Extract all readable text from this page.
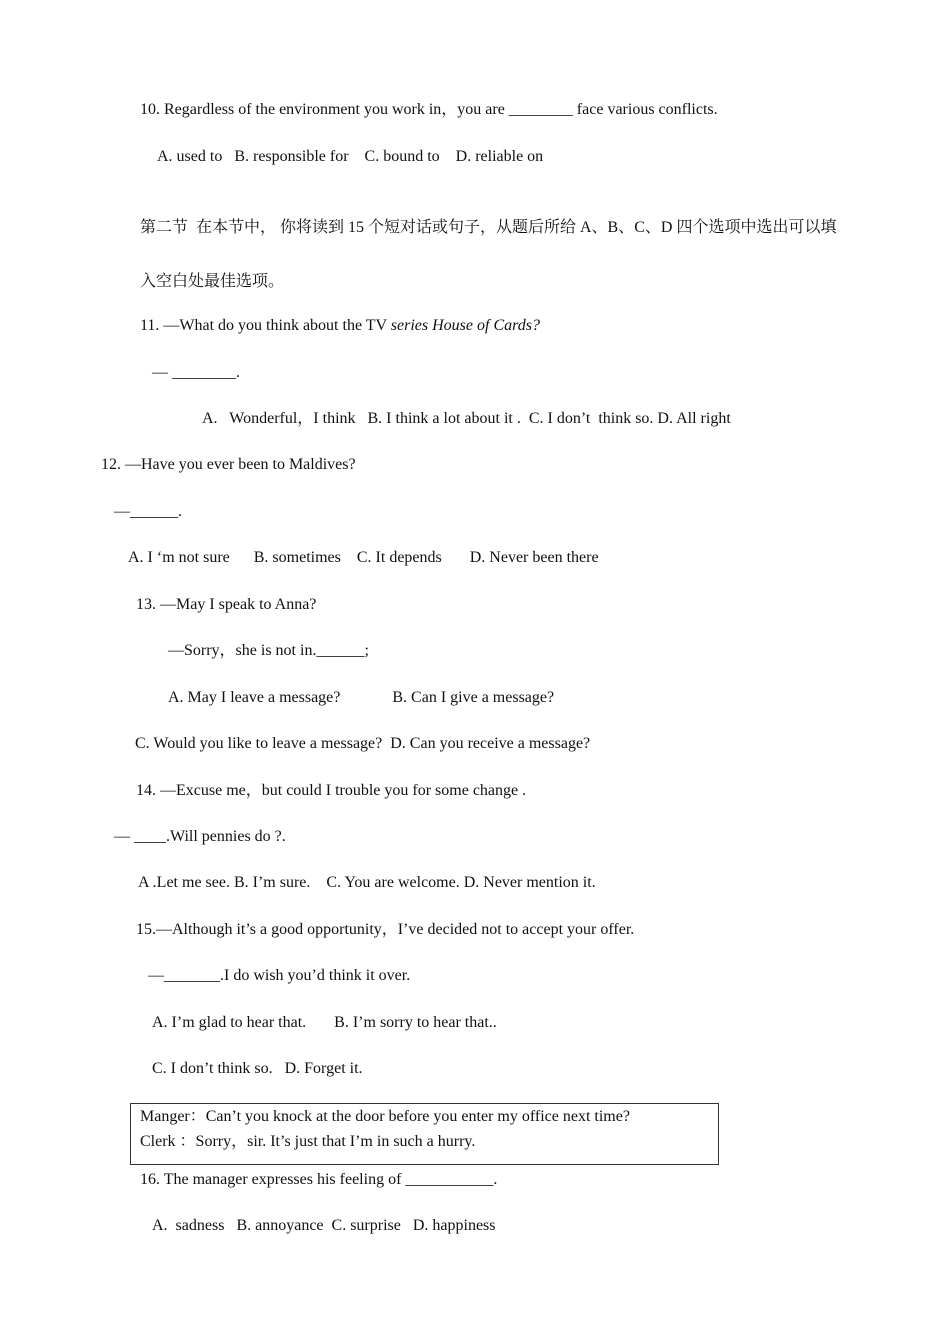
10. Regardless of the environment you work in，you are ________ face various conflicts.
A. used to   B. responsible for    C. bound to    D. reliable on
第二节  在本节中， 你将读到 15 个短对话或句子，从题后所给 A、B、C、D 四个选项中选出可以填
入空白处最佳选项。
11. —What do you think about the TV series House of Cards?
— ________.
A.   Wonderful，I think   B. I think a lot about it .  C. I don’t  think so. D. All right
12. —Have you ever been to Maldives?
—______.
A. I ‘m not sure      B. sometimes    C. It depends       D. Never been there
13. —May I speak to Anna?
—Sorry，she is not in.______;
A. May I leave a message?             B. Can I give a message?
C. Would you like to leave a message?  D. Can you receive a message?
14. —Excuse me，but could I trouble you for some change .
— ____.Will pennies do ?.
A .Let me see. B. I’m sure.    C. You are welcome. D. Never mention it.
15.—Although it’s a good opportunity，I’ve decided not to accept your offer.
—_______.I do wish you’d think it over.
A. I’m glad to hear that.       B. I’m sorry to hear that..
C. I don’t think so.   D. Forget it.
Manger：Can’t you knock at the door before you enter my office next time?
Clerk ：Sorry，sir. It’s just that I’m in such a hurry.
16. The manager expresses his feeling of ___________.
A.  sadness   B. annoyance  C. surprise   D. happiness
